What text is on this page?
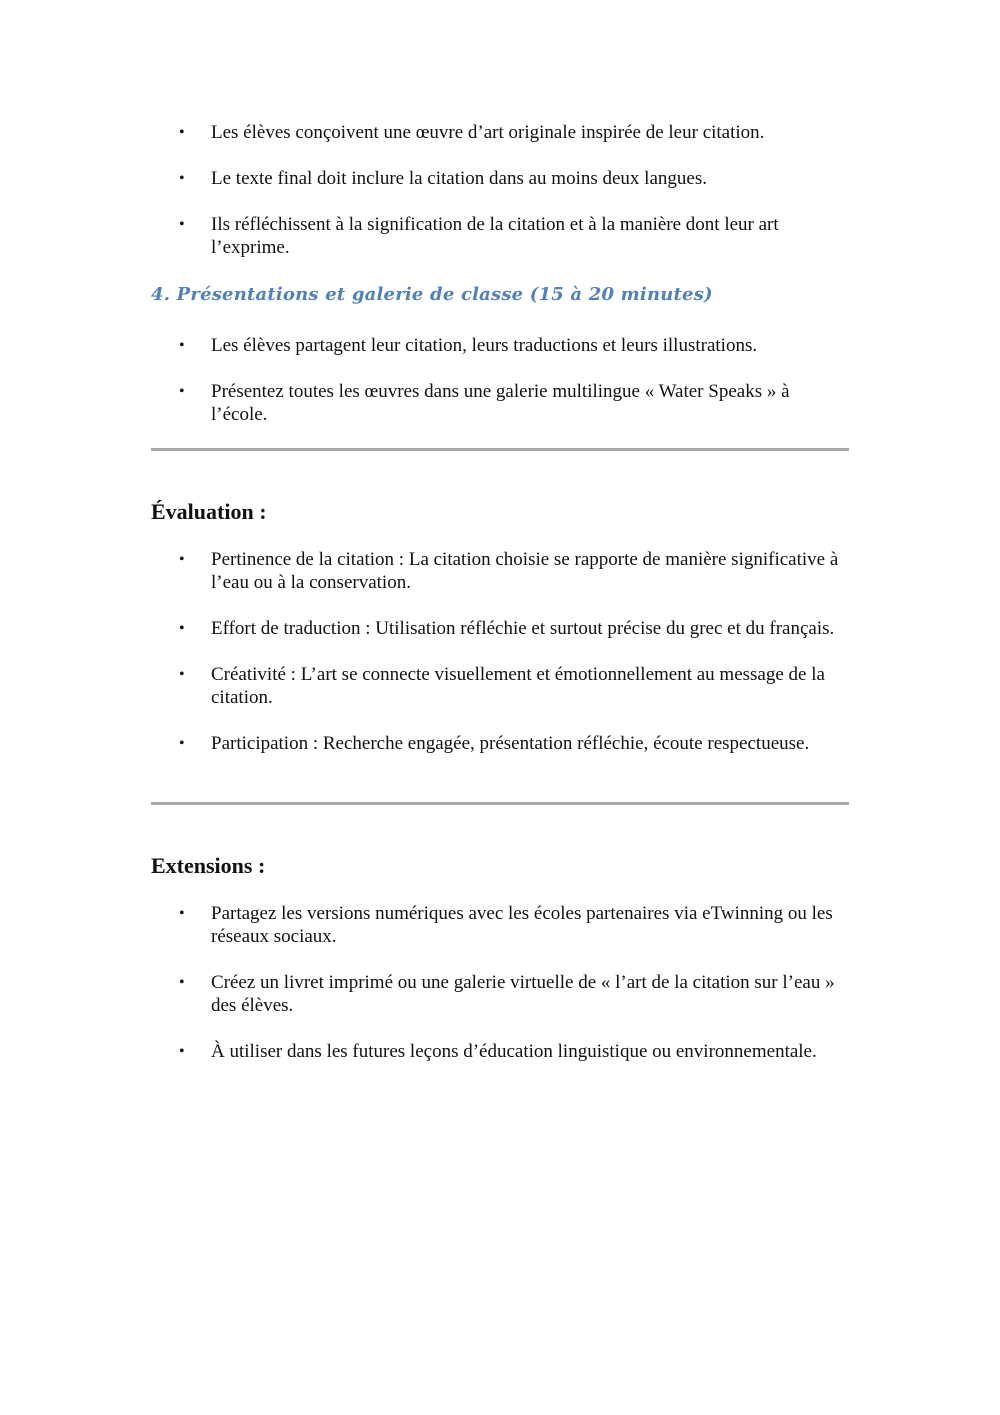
• Les élèves conçoivent une œuvre d’art originale inspirée de leur citation.
• Le texte final doit inclure la citation dans au moins deux langues.
• Ils réfléchissent à la signification de la citation et à la manière dont leur art l’exprime.
4. Présentations et galerie de classe (15 à 20 minutes)
• Les élèves partagent leur citation, leurs traductions et leurs illustrations.
• Présentez toutes les œuvres dans une galerie multilingue « Water Speaks » à l’école.
Évaluation :
• Pertinence de la citation : La citation choisie se rapporte de manière significative à l’eau ou à la conservation.
• Effort de traduction : Utilisation réfléchie et surtout précise du grec et du français.
• Créativité : L’art se connecte visuellement et émotionnellement au message de la citation.
• Participation : Recherche engagée, présentation réfléchie, écoute respectueuse.
Extensions :
• Partagez les versions numériques avec les écoles partenaires via eTwinning ou les réseaux sociaux.
• Créez un livret imprimé ou une galerie virtuelle de « l’art de la citation sur l’eau » des élèves.
• À utiliser dans les futures leçons d’éducation linguistique ou environnementale.
